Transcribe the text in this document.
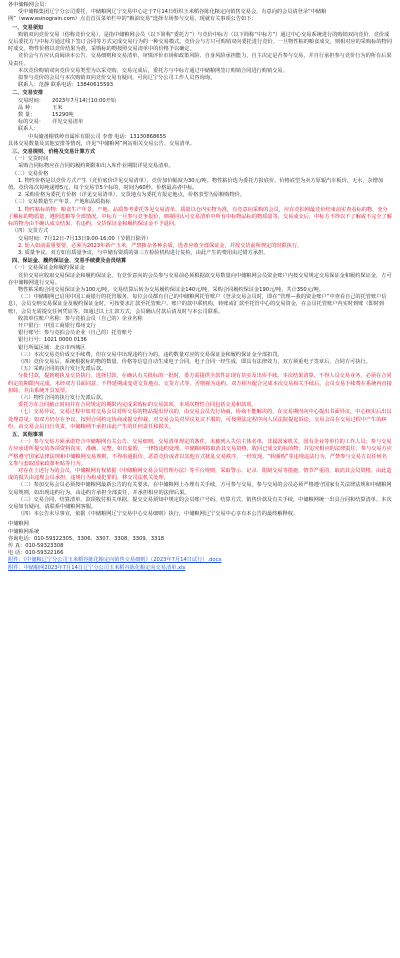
各中储粮网会员：

受中储粮集团辽宁分公司委托，中储粮网辽宁交易中心定于7月14日组织玉米稻谷陈化粮定向销售交易会，有意向的会员请登录“中储粮网”（www.esinograin.com）点击首页菜单栏中的“粮油交易”选择专场参与交易，现就有关事项公告如下：

一、交易须知

购销双向竞价交易（俗称竞价交易），是指中储粮网会员（以下简称“委托方”）与竞价中标方（以下简称“中标方”）通过中心交易系统进行的购销双向竞价、竞价成交后委托方与中标方通过线下签订合同等方式完成交易行为的一种交易模式。竞价会与方只可购销双向委托进行竞价。一旦物性粘的粮食成交，则相对应的采购标的物同时成交。物性价格以竞价结果为准，采购标的物按照交易清单中的价格予以确定。

竞价会与方应认真阅读本公告、交易细则和交易清单，审慎评价市场和政策风险、自身风险承担能力，自主决定是否参与交易，并自行承担参与竞价行为的所有后果及责任。

本次竞价购销双向竞价交易类型为以采竞购、交易完成后，委托方与中标方通过中储粮网签订购销合同进行购销交易。

拟参与竞价的会员与本次购销双向竞价交易有疑问，可向辽宁分公司工作人员咨询询。

联系人：范静 联系电话：13840615593

二、交易安排

交易时间： 2023年7月14日10:00开始

品 种：	玉米

数 量：	15290吨

标的交易： 详见交易清单

联系人：

中央储备粮铁岭直属库有限公司 李蕾 电话：13130868655

具体交易数量及其他安排等情况，详见“中储粮网”网站相关交易公告、交易清单。

三、交易规则、价格及交易计算方式

（一）交货时间

采购合同标物应在合同的履约期限和出入库作业期限详见交易清单。

（二）交易价格

1. 物性价格是以竞价方式产生（竞价底价详见交易清单），竞价加价幅度为30元/吨。物性粘价选为委托方报底价，价格底型为卖方原辊汽车板价、无水、杂增加值。竞价每次每吨递增5元，每个交易节5个标的，时间为60秒。价格最高者中标。

2. 采购价格为委托方价格（详见交易清单），交货地点为委托方报定地点，价格表型为原粮购物价。

（三）交易数量生产年景、产地和品质指标

1. 物性粘标的物：粮食生产年景、产地、品质参考委托等见交易清单。质量以仓内实物为准，有竞意向采购的会员，应在竞拍网最竞价结束前实查看标的物，充分了解标的物质量，遵照选粮等全部情况。中标方一旦参与竞争报价，则视同认可交易清单中所有中标物品标的物质量等，交易成交后，中标方不得以不了解或不完全了解标的物为由不确认成交结果。若违约，交货保证金和履约保证金不予退回。

（四）交货方式

交易时间：7月12日-7月13日9:00-16:00（节假日除外）

2. 轮入如前需重要要，必须为2023年新产玉米，严禁掺杂各种杂质，选者应收全部保证金，并按交货前所规定的时限执行。

3. 质量争议。双方如有质量争议，与中储有资质的第三方检验机构进行复检，由此产生的费用由过错方承担。

四、保证金、履约保证金、交易手续费及会员结算

（一）交易保证金和履约保证金

竞价交易应收取交易保证金和履约保证金。有竞价意向的会员参与交易前必须根据欲交易数量向中储粮网会员资金账户内按交易规定交易保证金和履约保证金，方可在中储粮网进行交易。

物性粘采购合同交易保证金为100元/吨，交易结算后转为交易履约保证金140元/吨，采购合同履约保证金190元/吨，共计350元/吨。

（二）中储粮网已启用中国工商银行的托管服务，每位会员都有自己的中储粮网托管账户（登录交易会员时，即在“管理—我的资金账户”中查看自己的托管账户信息），会员交纳交易保证金及履约保证金时，可按要求汇款至托管账户。账户的款中联机构，转账或汇款至托管中心的交易资金，在会员托管账户内实时到账（即时到账），会员无需提交任何凭证等。如通过以上汇款方式，会员确认付款后请及时与本公司联系。

收款单位账户名称：参与竞拍会员（自己的）企业名称

开户银行：中国工商银行郑州支行

银行账号：参与竞拍会员企业（自己的）托管账号

银行行号：1021 0000 0136

银行所属区域：北京市西城区

（三）本次交易竞价成交手续费，但在交易中出现违约行为的，违约数量对应的交易保证金和履约保证金全部扣罚。

（四）竞价交易后，系统根据标的物的数量、价格等信息自动生成电子合同。电子合同一经生成，即具有法律效力，双方须重电子签章后，合同方可执行。

（五）采购合同的执行发行先派后款。

分批付款，提到则执及交货执行。选择付款，在确认有关批标的一批时，委方需提供全款性证现有货实及出库手续。本次结果清算，不得人员交易业务，必须在合同约定的期限内完成，未经双方书面同意，不得延期或变更交货地点、交货方式等，否则视为违约。双方相互配合完成本次交易相关手续后，会员交易手续费在系统内直接扣除，并由系统开具发票。

（六）物性合同的执行发行先派后款。

委托方在合同截止时间并在合同规定的期限内完成采购标的交易款项。本项次物性合同包括交易和款项。

（七）交易异议。交易过程中如对交易会员对所交易的物品提出异议的，由交易会员先行协商，协商不能解决的，在交易期内向中心提出书面异议，中心核实后出具处理意见；如双方仍存在争议，按照合同约定协商或提交仲裁。对交易会员对异议复议不服的，可按照法定程序向人民法院提起诉讼。交易会员在交易过程中产生的纠纷，由交易会员自行负责，中储粮网不承担由此产生的任何责任和损失。

五、其他事项

（一）参与交易方须承诺符合中储粮网有关公告、交易细则、交易清单规定的条件，未被列入失信主体名单，非属国家机关、国有企业等单位的工作人员；参与交易方应承诺所提交的各项资料真实、准确、完整，如有虚假，一律按违约处理，中储粮网将取消其交易资格，收回已成交的标的物，并追究相应的法律责任；参与交易方应严格遵守国家法律法规和中储粮网交易规则，不得串通报价、恶意竞价或者以其他方式扰乱交易秩序，一经发现，“转圈购”等违规违法行为，严禁参与交易方以任何名义参与套取国家政策补贴等行为。

对存在上述行为的会员，中储粮网有权依据《中储粮网交易会员管理办法》等平台规则，采取警示、记录、限制交易等措施，情节严重的，取消其会员资格。由此造成的损失由违规会员承担，违规行为构成犯罪的，移交司法机关处理。

（二）参加交易会员必须按中储粮网最新公告的有关要求，在中储粮网上办理有关手续，方可参与交易。参与交易的会员必须严格遵守国家有关法律法规和中储粮网交易规则，如出现违约行为，由违约方承担全部责任，并承担相应的法律后果。

（三）交易合同、结算清单、款项收付相关单据，提交交易须知中规定的会员账户号码、结算方式、销售价款及有关手续，中储粮网统一出具合同和结算清单。本次交易如有疑问，请联系中储粮网客服。

（四）本公告未尽事宜，依据《中储粮网辽宁交易中心交易细则》执行，中储粮网辽宁交易中心享有本公告的最终解释权。

中储粮网

中储粮网系统

咨询电话：010-59322305、3306、3307、3308、3309、3318

传 真：010-59323308

电 话：010-59322166

附件：《中储粮辽宁分公司玉米稻谷陈化粮定向销售交易细则》（2023年7月14日试行）.docx
附件：中储粮网2023年7月14日辽宁分公司玉米稻谷陈化粮定向交易清单.xls
